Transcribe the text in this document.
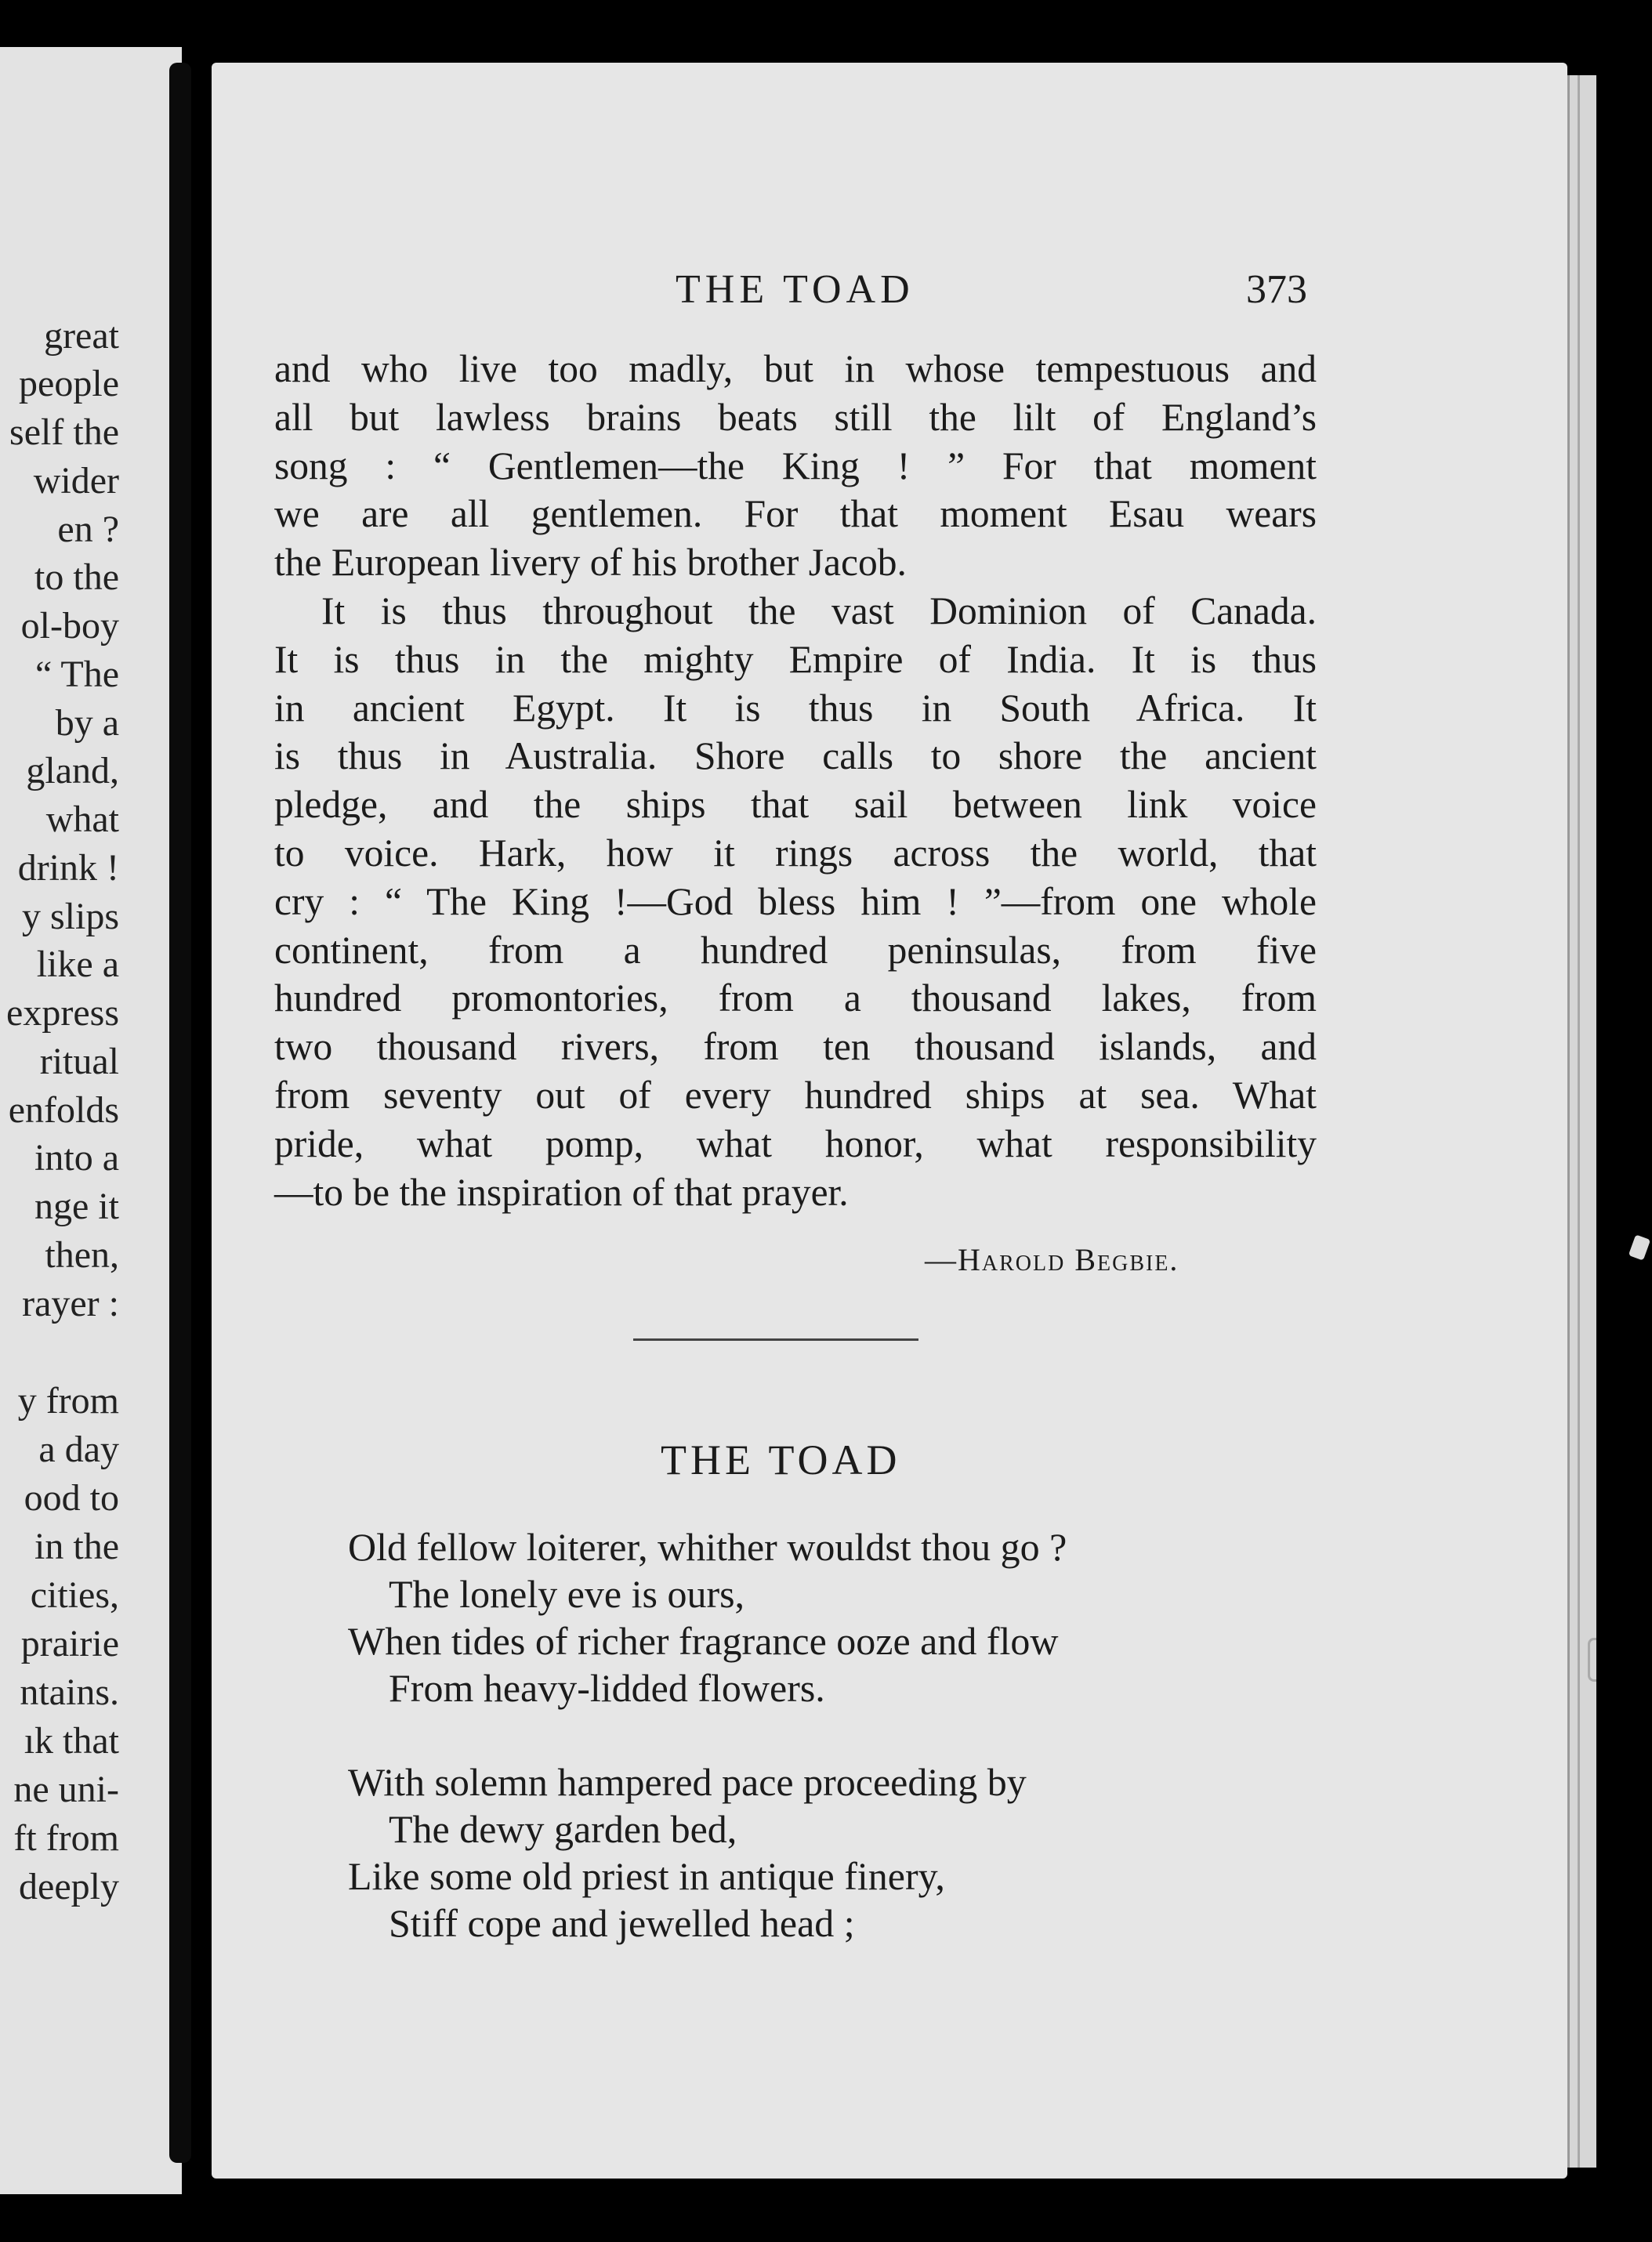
great
people
self the
wider
en ?
to the
ol-boy
“ The
by a
gland,
what
drink !
y slips
like a
express
ritual
enfolds
into a
nge it
then,
rayer :
y from
a day
ood to
in the
cities,
prairie
ntains.
ık that
ne uni-
ft from
deeply
THE TOAD	373
and who live too madly, but in whose tempestuous and
all but lawless brains beats still the lilt of England’s
song : “ Gentlemen—the King ! ” For that moment
we are all gentlemen. For that moment Esau wears
the European livery of his brother Jacob.
It is thus throughout the vast Dominion of Canada.
It is thus in the mighty Empire of India. It is thus
in ancient Egypt. It is thus in South Africa. It
is thus in Australia. Shore calls to shore the ancient
pledge, and the ships that sail between link voice
to voice. Hark, how it rings across the world, that
cry : “ The King !—God bless him ! ”—from one whole
continent, from a hundred peninsulas, from five
hundred promontories, from a thousand lakes, from
two thousand rivers, from ten thousand islands, and
from seventy out of every hundred ships at sea. What
pride, what pomp, what honor, what responsibility
—to be the inspiration of that prayer.
—Harold Begbie.
THE TOAD
Old fellow loiterer, whither wouldst thou go ?
The lonely eve is ours,
When tides of richer fragrance ooze and flow
From heavy-lidded flowers.
With solemn hampered pace proceeding by
The dewy garden bed,
Like some old priest in antique finery,
Stiff cope and jewelled head ;
